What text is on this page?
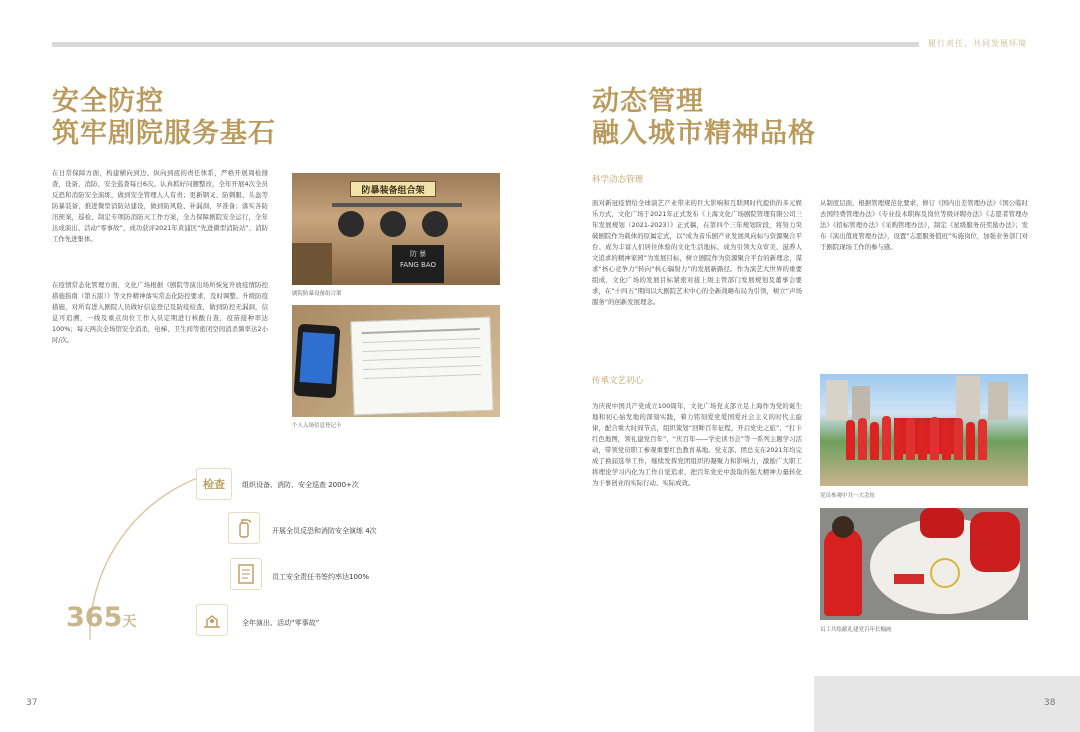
履行责任，共同发展环境
安全防控
筑牢剧院服务基石
在日常保障方面，构建横向到边、纵向到底的责任体系，严格开展周检排查，设备、消防、安全巡查每日6次。认真抓好问题整改，全年开展4次全员反恐和消防安全演练，做到安全管理人人有责；更新钢叉、防刺服、头盔等防暴装备，推进微型消防站建设，做到防风险、补漏洞、早准备；落实各防汛预案，巡检、制定专项防消防灭工作方案，全力保障剧院安全运行，全年达成演出、活动“零事故”，成功获评2021年黄浦区“先进微型消防站”、消防工作先进集体。
在疫情常态化管理方面，文化广场根据《剧院等演出场所恢复开放疫情防控措施指南（第五版）》等文件精神落实常态化防控要求，及时调整、升级防疫措施，对所有进入剧院人员做好信息登记及防疫检查，做到防控无漏洞，信息可追溯，一线及重点岗位工作人员定期进行核酸自查，疫苗接种率达100%；每天两次全场馆安全消杀，电梯、卫生间等密闭空间消杀频率达2小时/次。
防暴装备组合架
防 暴
FANG BAO
剧院防暴设备组合架
个人入场信息登记卡
检查 组织设备、消防、安全巡查 2000+次
开展全员反恐和消防安全演练 4次
员工安全责任书签约率达100%
全年演出、活动“零事故”
365天
37
动态管理
融入城市精神品格
科学动态管理
面对新冠疫情给全球演艺产业带来的巨大影响和互联网时代提供的多元娱乐方式，文化广场于2021年正式发布《上海文化广场剧院管理有限公司三年发展规划（2021-2023）》正式稿，在第四个三年规划阶段，将努力突破剧院作为载体的原属定式，以“成为音乐剧产业发展风向标与资源聚合平台、成为丰富人们居住体验的文化生活地标、成为引领大众审美、滋养人文追求的精神家园”为发展目标，树立剧院作为资源聚合平台的新理念，谋求“核心竞争力”转向“核心辐射力”的发展新路径。作为演艺大世界的重要组成，文化广场的发展目标紧密对接上级主管部门发展规划及董事会要求，在“十四五”期间以大剧院艺术中心的全新战略布局为引领，树立“声场服务”的创新发展理念。
从制度层面，根据管理规范化要求，修订《国内出差管理办法》《国公临时去国经费管理办法》《专业技术职称及岗位等级评聘办法》《志愿者管理办法》《招标管理办法》《采购管理办法》，制定《星级服务员奖励办法》；发布《演出值班管理办法》，设置“志愿服务值班”实施岗位，加强业务部门对于剧院现场工作的参与感。
传承文艺初心
为庆祝中国共产党成立100周年，文化广场党支部立足上海作为党的诞生地和初心始发地的深刻实践，着力铭刻爱党爱国爱社会主义的时代主旋律，配合重大时间节点，组织策划“回眸百年征程，开启党史之旅”、“打卡红色地图，领礼建党百年”、“庆百年——学史读书会”等一系列主题学习活动，带领党员职工参观重要红色教育基地。党支部、团总支在2021年均完成了换届选举工作，继续发挥党团组织的凝聚力和影响力，激励广大职工将理论学习内化为工作自觉追求，把百年党史中汲取的强大精神力量转化为干事创业的实际行动、实际成效。
党员参观中共一大会址
员工共绘献礼建党百年长幅画
38
